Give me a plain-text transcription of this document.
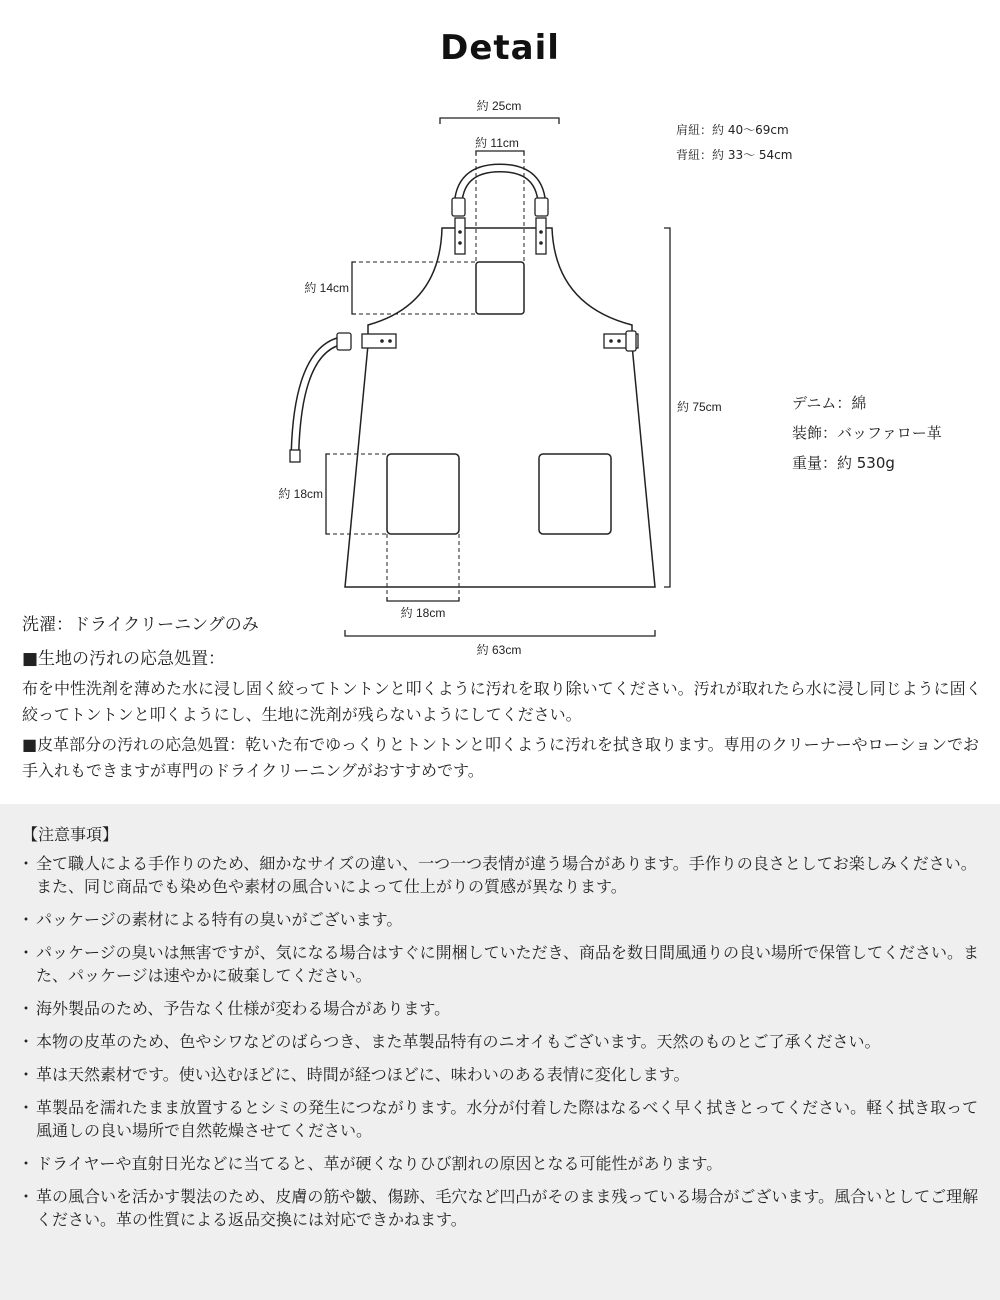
Detail
約 25cm
約 11cm
約 14cm
約 75cm
約 18cm
約 18cm
約 63cm
肩紐：約 40〜69cm
背紐：約 33〜 54cm
デニム：綿
装飾：バッファロー革
重量：約 530g
洗濯：ドライクリーニングのみ
■生地の汚れの応急処置：
布を中性洗剤を薄めた水に浸し固く絞ってトントンと叩くように汚れを取り除いてください。汚れが取れたら水に浸し同じように固く絞ってトントンと叩くようにし、生地に洗剤が残らないようにしてください。
■皮革部分の汚れの応急処置：乾いた布でゆっくりとトントンと叩くように汚れを拭き取ります。専用のクリーナーやローションでお手入れもできますが専門のドライクリーニングがおすすめです。
【注意事項】
・ 全て職人による手作りのため、細かなサイズの違い、一つ一つ表情が違う場合があります。手作りの良さとしてお楽しみください。また、同じ商品でも染め色や素材の風合いによって仕上がりの質感が異なります。
・ パッケージの素材による特有の臭いがございます。
・ パッケージの臭いは無害ですが、気になる場合はすぐに開梱していただき、商品を数日間風通りの良い場所で保管してください。また、パッケージは速やかに破棄してください。
・ 海外製品のため、予告なく仕様が変わる場合があります。
・ 本物の皮革のため、色やシワなどのばらつき、また革製品特有のニオイもございます。天然のものとご了承ください。
・ 革は天然素材です。使い込むほどに、時間が経つほどに、味わいのある表情に変化します。
・ 革製品を濡れたまま放置するとシミの発生につながります。水分が付着した際はなるべく早く拭きとってください。軽く拭き取って風通しの良い場所で自然乾燥させてください。
・ ドライヤーや直射日光などに当てると、革が硬くなりひび割れの原因となる可能性があります。
・ 革の風合いを活かす製法のため、皮膚の筋や皺、傷跡、毛穴など凹凸がそのまま残っている場合がございます。風合いとしてご理解ください。革の性質による返品交換には対応できかねます。
